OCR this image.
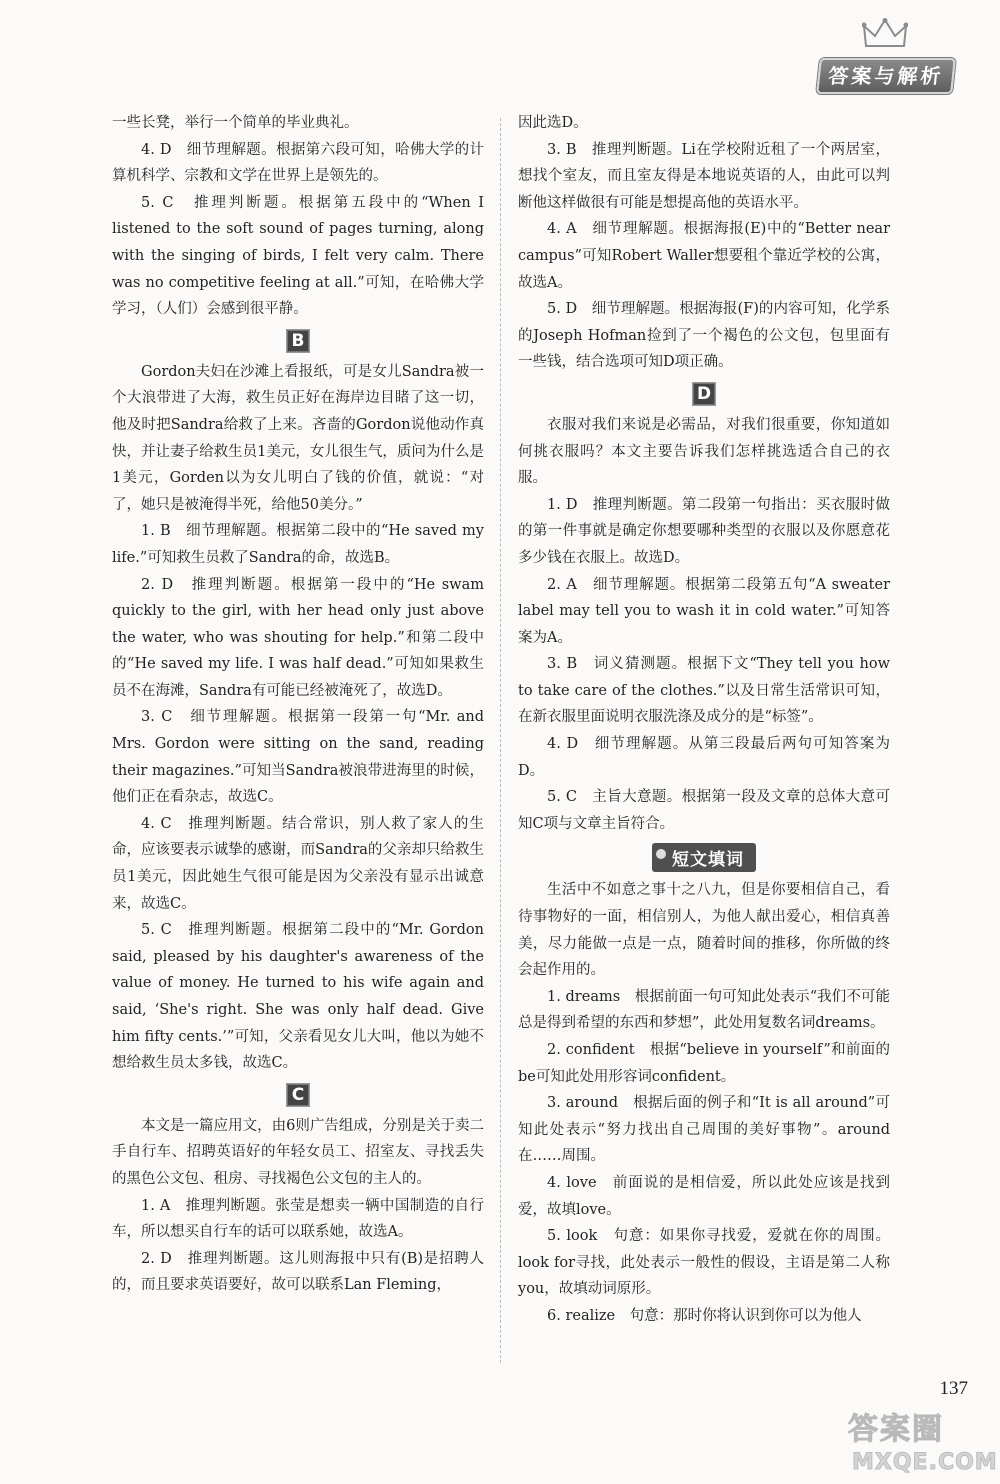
答案与解析

一些长凳，举行一个简单的毕业典礼。

4. D　细节理解题。根据第六段可知，哈佛大学的计算机科学、宗教和文学在世界上是领先的。

5. C　推理判断题。根据第五段中的“When I listened to the soft sound of pages turning, along with the singing of birds, I felt very calm. There was no competitive feeling at all.”可知，在哈佛大学学习，（人们）会感到很平静。

B

Gordon夫妇在沙滩上看报纸，可是女儿Sandra被一个大浪带进了大海，救生员正好在海岸边目睹了这一切，他及时把Sandra给救了上来。吝啬的Gordon说他动作真快，并让妻子给救生员1美元，女儿很生气，质问为什么是1美元，Gorden以为女儿明白了钱的价值，就说：“对了，她只是被淹得半死，给他50美分。”

1. B　细节理解题。根据第二段中的“He saved my life.”可知救生员救了Sandra的命，故选B。

2. D　推理判断题。根据第一段中的“He swam quickly to the girl, with her head only just above the water, who was shouting for help.”和第二段中的“He saved my life. I was half dead.”可知如果救生员不在海滩，Sandra有可能已经被淹死了，故选D。

3. C　细节理解题。根据第一段第一句“Mr. and Mrs. Gordon were sitting on the sand, reading their magazines.”可知当Sandra被浪带进海里的时候，他们正在看杂志，故选C。

4. C　推理判断题。结合常识，别人救了家人的生命，应该要表示诚挚的感谢，而Sandra的父亲却只给救生员1美元，因此她生气很可能是因为父亲没有显示出诚意来，故选C。

5. C　推理判断题。根据第二段中的“Mr. Gordon said, pleased by his daughter's awareness of the value of money. He turned to his wife again and said, ‘She's right. She was only half dead. Give him fifty cents.’”可知，父亲看见女儿大叫，他以为她不想给救生员太多钱，故选C。

C

本文是一篇应用文，由6则广告组成，分别是关于卖二手自行车、招聘英语好的年轻女员工、招室友、寻找丢失的黑色公文包、租房、寻找褐色公文包的主人的。

1. A　推理判断题。张莹是想卖一辆中国制造的自行车，所以想买自行车的话可以联系她，故选A。

2. D　推理判断题。这儿则海报中只有(B)是招聘人的，而且要求英语要好，故可以联系Lan Fleming，

因此选D。

3. B　推理判断题。Li在学校附近租了一个两居室，想找个室友，而且室友得是本地说英语的人，由此可以判断他这样做很有可能是想提高他的英语水平。

4. A　细节理解题。根据海报(E)中的“Better near campus”可知Robert Waller想要租个靠近学校的公寓，故选A。

5. D　细节理解题。根据海报(F)的内容可知，化学系的Joseph Hofman捡到了一个褐色的公文包，包里面有一些钱，结合选项可知D项正确。

D

衣服对我们来说是必需品，对我们很重要，你知道如何挑衣服吗？本文主要告诉我们怎样挑选适合自己的衣服。

1. D　推理判断题。第二段第一句指出：买衣服时做的第一件事就是确定你想要哪种类型的衣服以及你愿意花多少钱在衣服上。故选D。

2. A　细节理解题。根据第二段第五句“A sweater label may tell you to wash it in cold water.”可知答案为A。

3. B　词义猜测题。根据下文“They tell you how to take care of the clothes.”以及日常生活常识可知，在新衣服里面说明衣服洗涤及成分的是“标签”。

4. D　细节理解题。从第三段最后两句可知答案为D。

5. C　主旨大意题。根据第一段及文章的总体大意可知C项与文章主旨符合。

短文填词

生活中不如意之事十之八九，但是你要相信自己，看待事物好的一面，相信别人，为他人献出爱心，相信真善美，尽力能做一点是一点，随着时间的推移，你所做的终会起作用的。

1. dreams　根据前面一句可知此处表示“我们不可能总是得到希望的东西和梦想”，此处用复数名词dreams。

2. confident　根据“believe in yourself”和前面的be可知此处用形容词confident。

3. around　根据后面的例子和“It is all around”可知此处表示“努力找出自己周围的美好事物”。around在……周围。

4. love　前面说的是相信爱，所以此处应该是找到爱，故填love。

5. look　句意：如果你寻找爱，爱就在你的周围。look for寻找，此处表示一般性的假设，主语是第二人称you，故填动词原形。

6. realize　句意：那时你将认识到你可以为他人

137
答案圈
MXQE.COM
